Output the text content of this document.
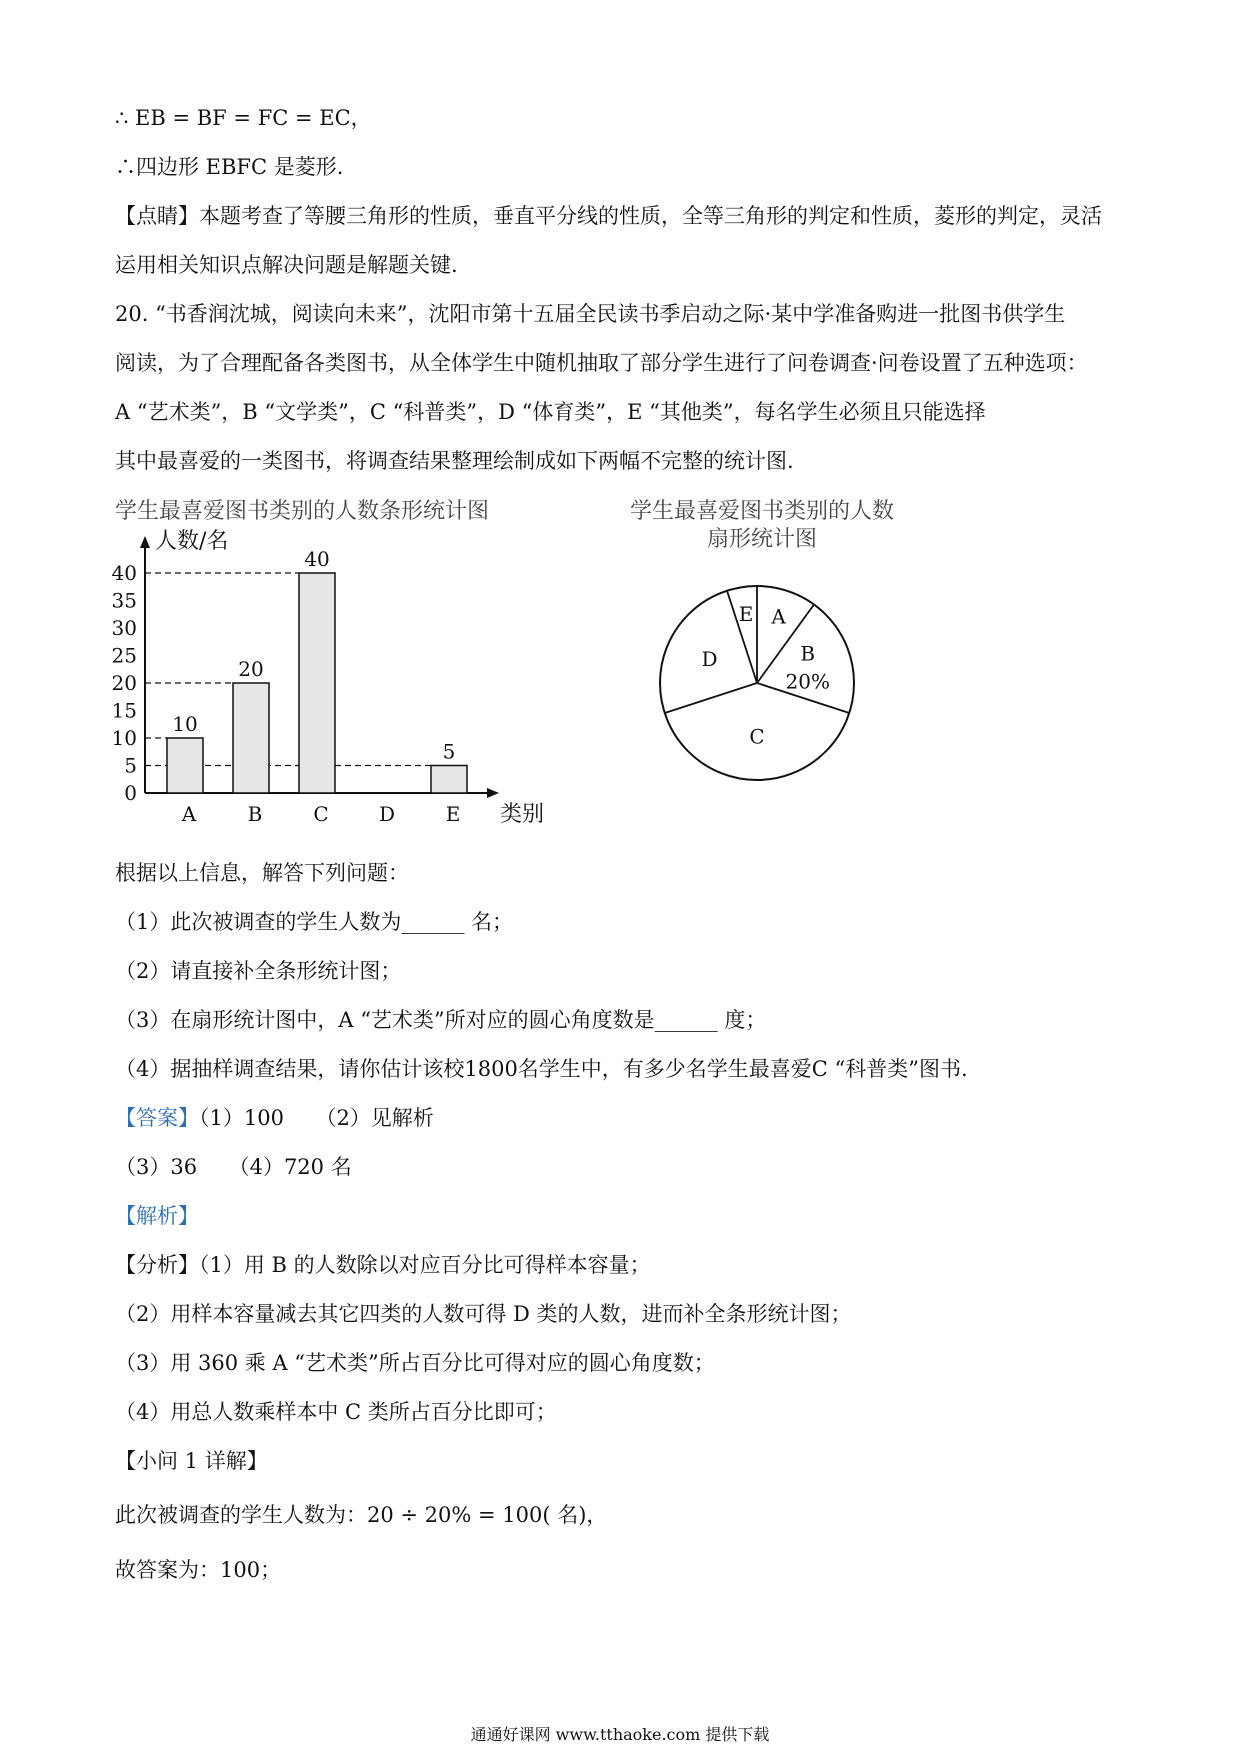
∴ EB = BF = FC = EC，
∴四边形 EBFC 是菱形.
【点睛】本题考查了等腰三角形的性质，垂直平分线的性质，全等三角形的判定和性质，菱形的判定，灵活
运用相关知识点解决问题是解题关键.
20. “书香润沈城，阅读向未来”，沈阳市第十五届全民读书季启动之际·某中学准备购进一批图书供学生
阅读，为了合理配备各类图书，从全体学生中随机抽取了部分学生进行了问卷调查·问卷设置了五种选项：
A “艺术类”，B “文学类”，C “科普类”，D “体育类”，E “其他类”，每名学生必须且只能选择
其中最喜爱的一类图书，将调查结果整理绘制成如下两幅不完整的统计图.
学生最喜爱图书类别的人数条形统计图
人数/名
类别
0
5
10
15
20
25
30
35
40
10
A
20
B
40
C	D
5
E
学生最喜爱图书类别的人数
扇形统计图
A
B
20%
C
D
E
根据以上信息，解答下列问题：
（1）此次被调查的学生人数为______ 名；
（2）请直接补全条形统计图；
（3）在扇形统计图中，A “艺术类”所对应的圆心角度数是______ 度；
（4）据抽样调查结果，请你估计该校1800名学生中，有多少名学生最喜爱C “科普类”图书.
【答案】（1）100　　（2）见解析
（3）36　　（4）720 名
【解析】
【分析】（1）用 B 的人数除以对应百分比可得样本容量；
（2）用样本容量减去其它四类的人数可得 D 类的人数，进而补全条形统计图；
（3）用 360 乘 A “艺术类”所占百分比可得对应的圆心角度数；
（4）用总人数乘样本中 C 类所占百分比即可；
【小问 1 详解】
此次被调查的学生人数为：20 ÷ 20% = 100( 名)，
故答案为：100；
通通好课网 www.tthaoke.com 提供下载
